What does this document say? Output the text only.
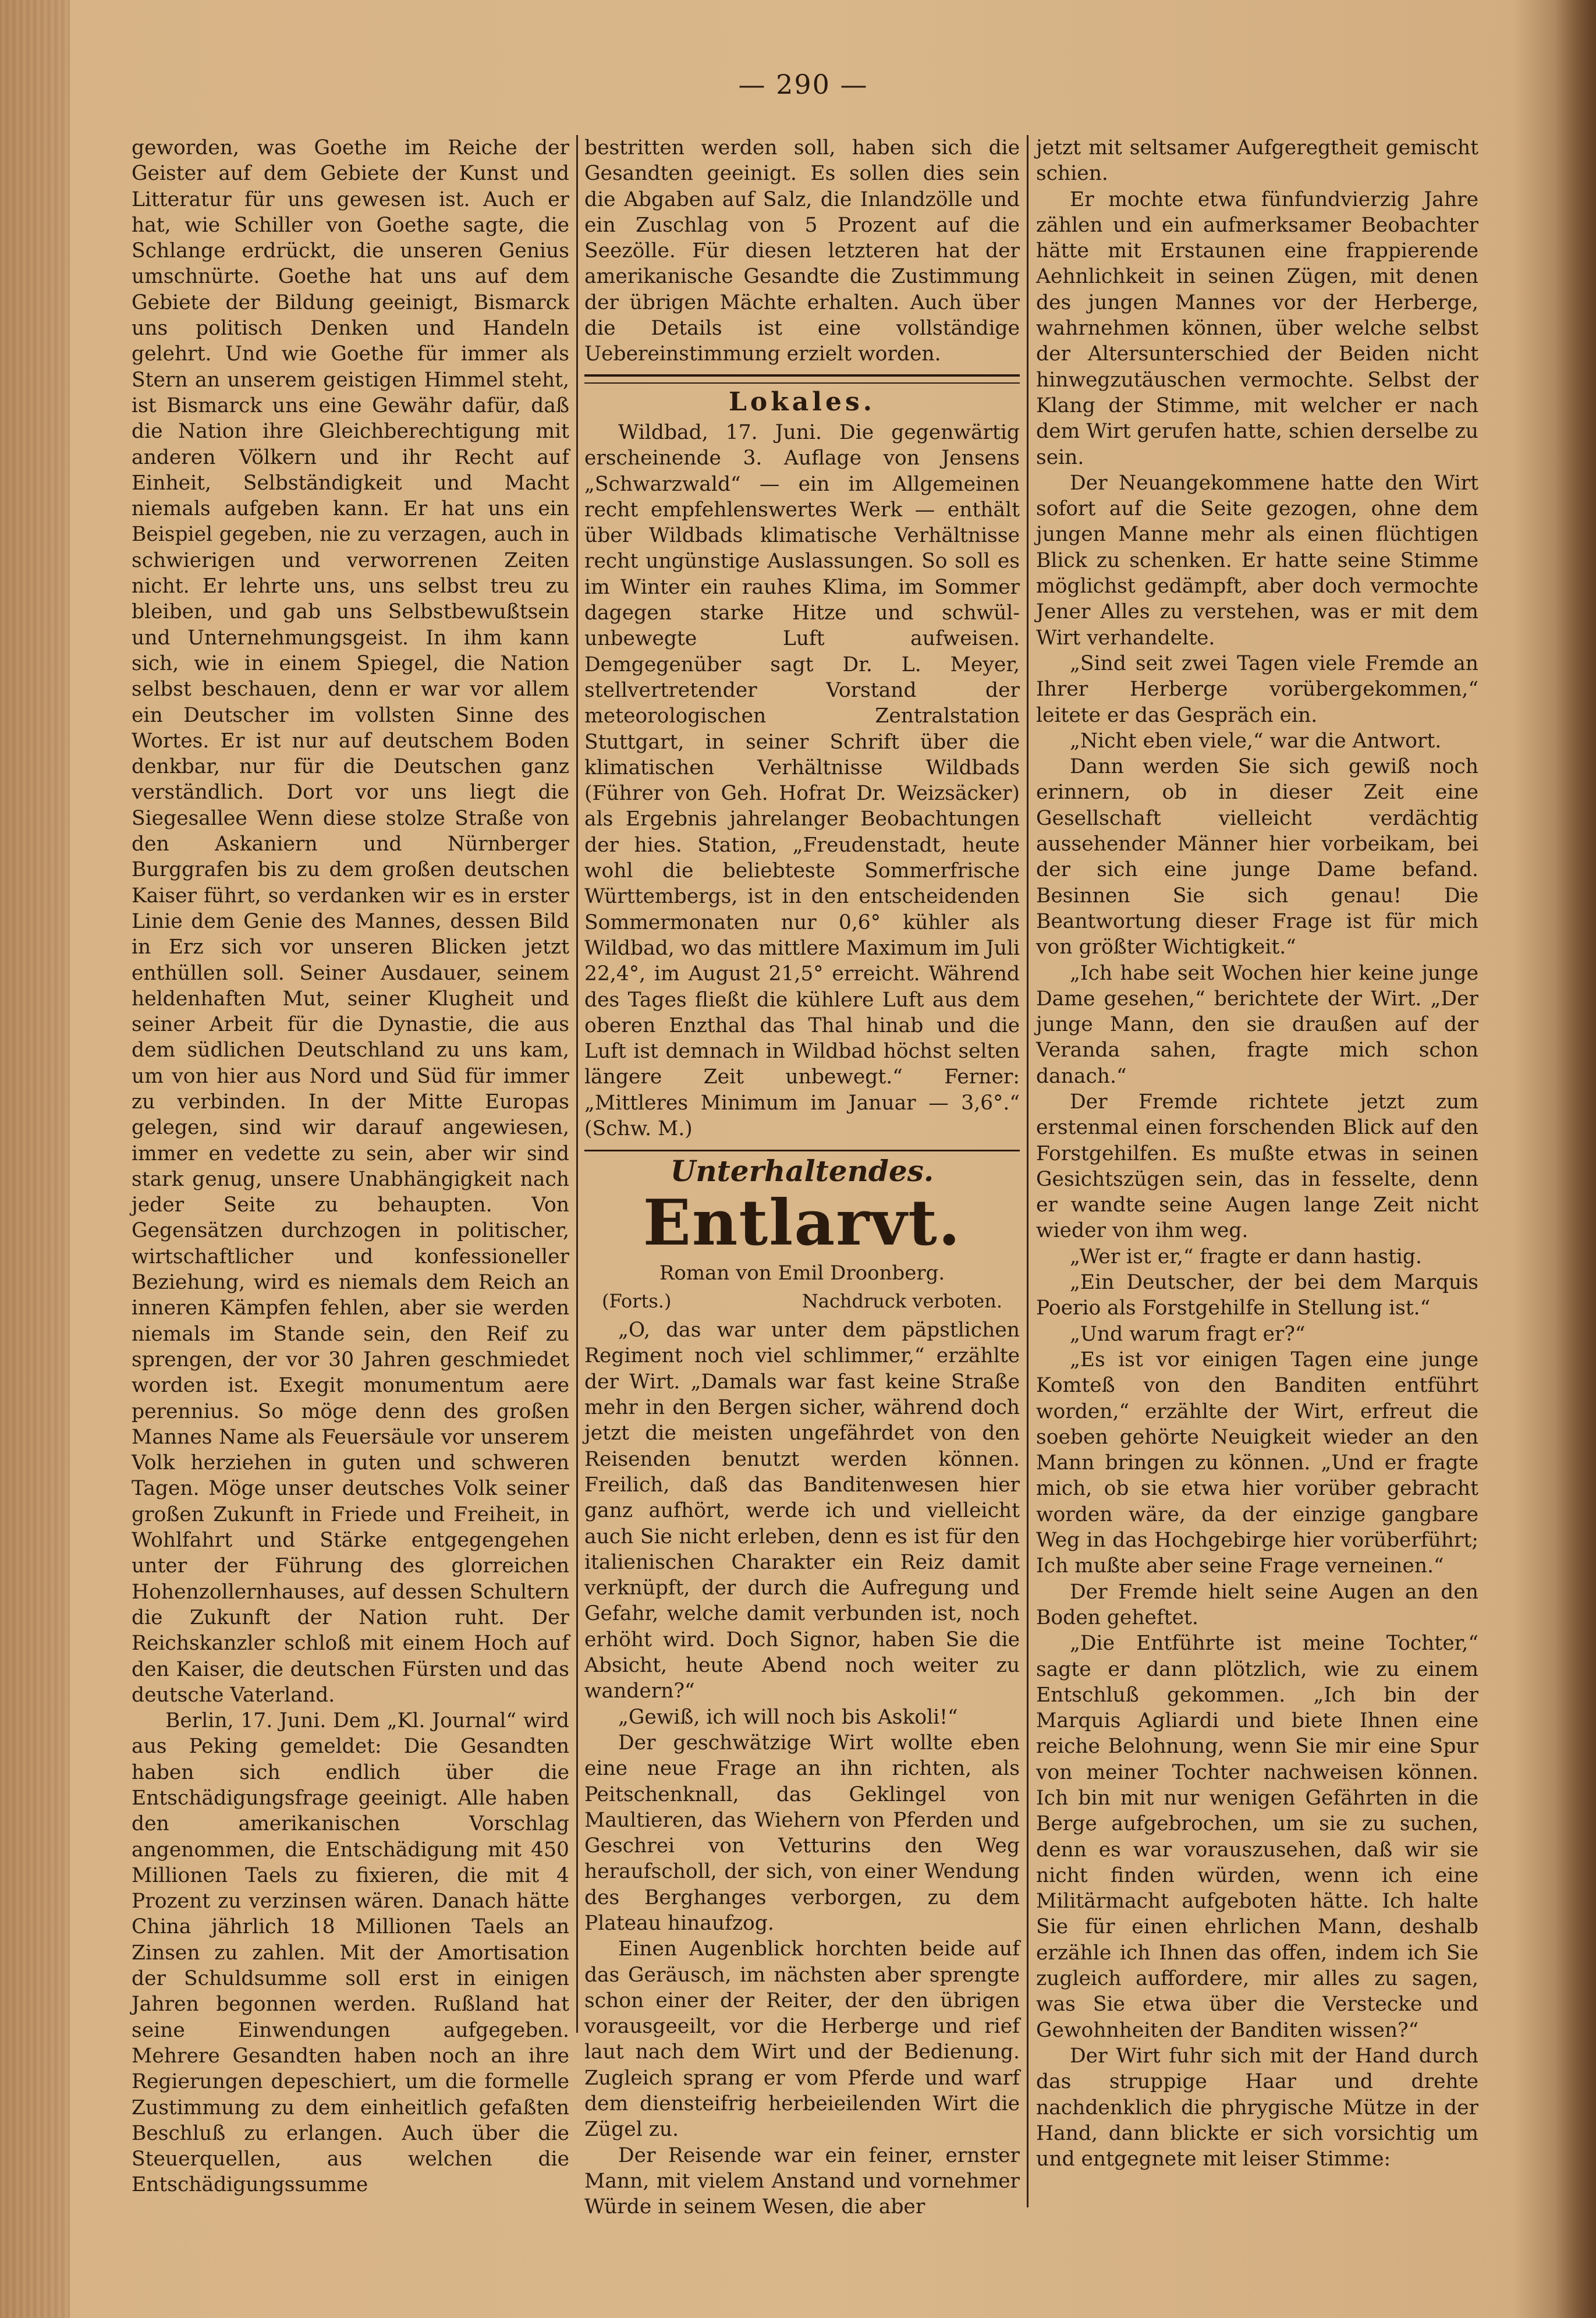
— 290 —

geworden, was Goethe im Reiche der Geister auf dem Gebiete der Kunst und Litteratur für uns gewesen ist. Auch er hat, wie Schiller von Goethe sagte, die Schlange erdrückt, die unseren Genius umschnürte. Goethe hat uns auf dem Gebiete der Bildung geeinigt, Bismarck uns politisch Denken und Handeln gelehrt. Und wie Goethe für immer als Stern an unserem geistigen Himmel steht, ist Bismarck uns eine Gewähr dafür, daß die Nation ihre Gleichberechtigung mit anderen Völkern und ihr Recht auf Einheit, Selbständigkeit und Macht niemals aufgeben kann. Er hat uns ein Beispiel gegeben, nie zu verzagen, auch in schwierigen und verworrenen Zeiten nicht. Er lehrte uns, uns selbst treu zu bleiben, und gab uns Selbstbewußtsein und Unternehmungsgeist. In ihm kann sich, wie in einem Spiegel, die Nation selbst beschauen, denn er war vor allem ein Deutscher im vollsten Sinne des Wortes. Er ist nur auf deutschem Boden denkbar, nur für die Deutschen ganz verständlich. Dort vor uns liegt die Siegesallee Wenn diese stolze Straße von den Askaniern und Nürnberger Burggrafen bis zu dem großen deutschen Kaiser führt, so verdanken wir es in erster Linie dem Genie des Mannes, dessen Bild in Erz sich vor unseren Blicken jetzt enthüllen soll. Seiner Ausdauer, seinem heldenhaften Mut, seiner Klugheit und seiner Arbeit für die Dynastie, die aus dem südlichen Deutschland zu uns kam, um von hier aus Nord und Süd für immer zu verbinden. In der Mitte Europas gelegen, sind wir darauf angewiesen, immer en vedette zu sein, aber wir sind stark genug, unsere Unabhängigkeit nach jeder Seite zu behaupten. Von Gegensätzen durchzogen in politischer, wirtschaftlicher und konfessioneller Beziehung, wird es niemals dem Reich an inneren Kämpfen fehlen, aber sie werden niemals im Stande sein, den Reif zu sprengen, der vor 30 Jahren geschmiedet worden ist. Exegit monumentum aere perennius. So möge denn des großen Mannes Name als Feuersäule vor unserem Volk herziehen in guten und schweren Tagen. Möge unser deutsches Volk seiner großen Zukunft in Friede und Freiheit, in Wohlfahrt und Stärke entgegengehen unter der Führung des glorreichen Hohenzollernhauses, auf dessen Schultern die Zukunft der Nation ruht. Der Reichskanzler schloß mit einem Hoch auf den Kaiser, die deutschen Fürsten und das deutsche Vaterland.

Berlin, 17. Juni. Dem „Kl. Journal“ wird aus Peking gemeldet: Die Gesandten haben sich endlich über die Entschädigungsfrage geeinigt. Alle haben den amerikanischen Vorschlag angenommen, die Entschädigung mit 450 Millionen Taels zu fixieren, die mit 4 Prozent zu verzinsen wären. Danach hätte China jährlich 18 Millionen Taels an Zinsen zu zahlen. Mit der Amortisation der Schuldsumme soll erst in einigen Jahren begonnen werden. Rußland hat seine Einwendungen aufgegeben. Mehrere Gesandten haben noch an ihre Regierungen depeschiert, um die formelle Zustimmung zu dem einheitlich gefaßten Beschluß zu erlangen. Auch über die Steuerquellen, aus welchen die Entschädigungssumme

bestritten werden soll, haben sich die Gesandten geeinigt. Es sollen dies sein die Abgaben auf Salz, die Inlandzölle und ein Zuschlag von 5 Prozent auf die Seezölle. Für diesen letzteren hat der amerikanische Gesandte die Zustimmung der übrigen Mächte erhalten. Auch über die Details ist eine vollständige Uebereinstimmung erzielt worden.

Lokales.

Wildbad, 17. Juni. Die gegenwärtig erscheinende 3. Auflage von Jensens „Schwarzwald“ — ein im Allgemeinen recht empfehlenswertes Werk — enthält über Wildbads klimatische Verhältnisse recht ungünstige Auslassungen. So soll es im Winter ein rauhes Klima, im Sommer dagegen starke Hitze und schwül-unbewegte Luft aufweisen. Demgegenüber sagt Dr. L. Meyer, stellvertretender Vorstand der meteorologischen Zentralstation Stuttgart, in seiner Schrift über die klimatischen Verhältnisse Wildbads (Führer von Geh. Hofrat Dr. Weizsäcker) als Ergebnis jahrelanger Beobachtungen der hies. Station, „Freudenstadt, heute wohl die beliebteste Sommerfrische Württembergs, ist in den entscheidenden Sommermonaten nur 0,6° kühler als Wildbad, wo das mittlere Maximum im Juli 22,4°, im August 21,5° erreicht. Während des Tages fließt die kühlere Luft aus dem oberen Enzthal das Thal hinab und die Luft ist demnach in Wildbad höchst selten längere Zeit unbewegt.“ Ferner: „Mittleres Minimum im Januar — 3,6°.“ (Schw. M.)

Unterhaltendes.
Entlarvt.
Roman von Emil Droonberg.
(Forts.)	Nachdruck verboten.

„O, das war unter dem päpstlichen Regiment noch viel schlimmer,“ erzählte der Wirt. „Damals war fast keine Straße mehr in den Bergen sicher, während doch jetzt die meisten ungefährdet von den Reisenden benutzt werden können. Freilich, daß das Banditenwesen hier ganz aufhört, werde ich und vielleicht auch Sie nicht erleben, denn es ist für den italienischen Charakter ein Reiz damit verknüpft, der durch die Aufregung und Gefahr, welche damit verbunden ist, noch erhöht wird. Doch Signor, haben Sie die Absicht, heute Abend noch weiter zu wandern?“

„Gewiß, ich will noch bis Askoli!“

Der geschwätzige Wirt wollte eben eine neue Frage an ihn richten, als Peitschenknall, das Geklingel von Maultieren, das Wiehern von Pferden und Geschrei von Vetturins den Weg heraufscholl, der sich, von einer Wendung des Berghanges verborgen, zu dem Plateau hinaufzog.

Einen Augenblick horchten beide auf das Geräusch, im nächsten aber sprengte schon einer der Reiter, der den übrigen vorausgeeilt, vor die Herberge und rief laut nach dem Wirt und der Bedienung. Zugleich sprang er vom Pferde und warf dem diensteifrig herbeieilenden Wirt die Zügel zu.

Der Reisende war ein feiner, ernster Mann, mit vielem Anstand und vornehmer Würde in seinem Wesen, die aber

jetzt mit seltsamer Aufgeregtheit gemischt schien.

Er mochte etwa fünfundvierzig Jahre zählen und ein aufmerksamer Beobachter hätte mit Erstaunen eine frappierende Aehnlichkeit in seinen Zügen, mit denen des jungen Mannes vor der Herberge, wahrnehmen können, über welche selbst der Altersunterschied der Beiden nicht hinwegzutäuschen vermochte. Selbst der Klang der Stimme, mit welcher er nach dem Wirt gerufen hatte, schien derselbe zu sein.

Der Neuangekommene hatte den Wirt sofort auf die Seite gezogen, ohne dem jungen Manne mehr als einen flüchtigen Blick zu schenken. Er hatte seine Stimme möglichst gedämpft, aber doch vermochte Jener Alles zu verstehen, was er mit dem Wirt verhandelte.

„Sind seit zwei Tagen viele Fremde an Ihrer Herberge vorübergekommen,“ leitete er das Gespräch ein.

„Nicht eben viele,“ war die Antwort.

Dann werden Sie sich gewiß noch erinnern, ob in dieser Zeit eine Gesellschaft vielleicht verdächtig aussehender Männer hier vorbeikam, bei der sich eine junge Dame befand. Besinnen Sie sich genau! Die Beantwortung dieser Frage ist für mich von größter Wichtigkeit.“

„Ich habe seit Wochen hier keine junge Dame gesehen,“ berichtete der Wirt. „Der junge Mann, den sie draußen auf der Veranda sahen, fragte mich schon danach.“

Der Fremde richtete jetzt zum erstenmal einen forschenden Blick auf den Forstgehilfen. Es mußte etwas in seinen Gesichtszügen sein, das in fesselte, denn er wandte seine Augen lange Zeit nicht wieder von ihm weg.

„Wer ist er,“ fragte er dann hastig.

„Ein Deutscher, der bei dem Marquis Poerio als Forstgehilfe in Stellung ist.“

„Und warum fragt er?“

„Es ist vor einigen Tagen eine junge Komteß von den Banditen entführt worden,“ erzählte der Wirt, erfreut die soeben gehörte Neuigkeit wieder an den Mann bringen zu können. „Und er fragte mich, ob sie etwa hier vorüber gebracht worden wäre, da der einzige gangbare Weg in das Hochgebirge hier vorüberführt; Ich mußte aber seine Frage verneinen.“

Der Fremde hielt seine Augen an den Boden geheftet.

„Die Entführte ist meine Tochter,“ sagte er dann plötzlich, wie zu einem Entschluß gekommen. „Ich bin der Marquis Agliardi und biete Ihnen eine reiche Belohnung, wenn Sie mir eine Spur von meiner Tochter nachweisen können. Ich bin mit nur wenigen Gefährten in die Berge aufgebrochen, um sie zu suchen, denn es war vorauszusehen, daß wir sie nicht finden würden, wenn ich eine Militärmacht aufgeboten hätte. Ich halte Sie für einen ehrlichen Mann, deshalb erzähle ich Ihnen das offen, indem ich Sie zugleich auffordere, mir alles zu sagen, was Sie etwa über die Verstecke und Gewohnheiten der Banditen wissen?“

Der Wirt fuhr sich mit der Hand durch das struppige Haar und drehte nachdenklich die phrygische Mütze in der Hand, dann blickte er sich vorsichtig um und entgegnete mit leiser Stimme:
